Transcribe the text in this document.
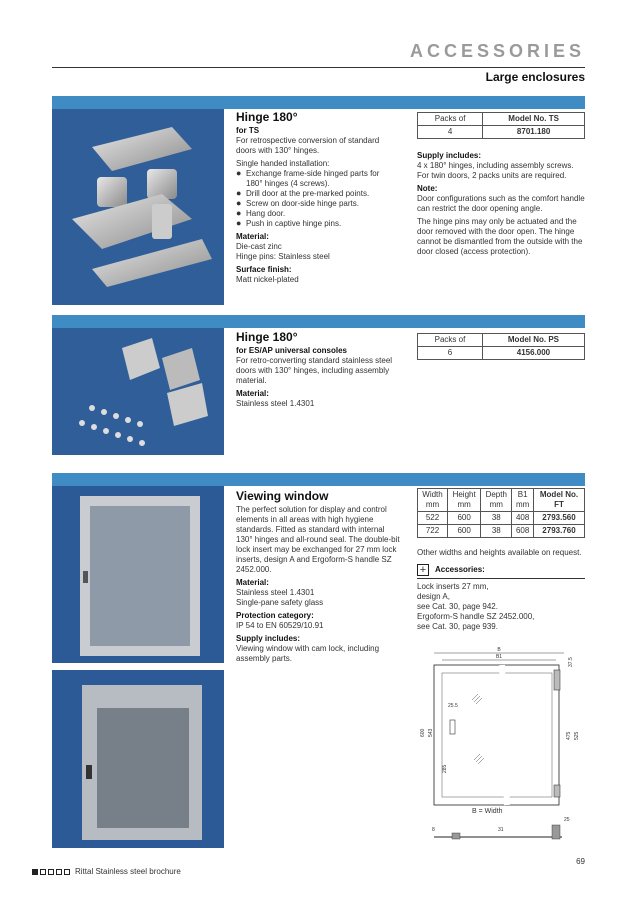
ACCESSORIES
Large enclosures
Hinge 180°
for TS

For retrospective conversion of standard doors with 130° hinges.

Single handed installation:
● Exchange frame-side hinged parts for 180° hinges (4 screws).
● Drill door at the pre-marked points.
● Screw on door-side hinge parts.
● Hang door.
● Push in captive hinge pins.
Material:
Die-cast zinc

Hinge pins: Stainless steel

Surface finish:
Matt nickel-plated
Packs of	Model No. TS
4	8701.180
Supply includes:

4 x 180° hinges, including assembly screws. For twin doors, 2 packs units are required.

Note:

Door configurations such as the comfort handle can restrict the door opening angle.

The hinge pins may only be actuated and the door removed with the door open. The hinge cannot be dismantled from the outside with the door closed (access protection).

Hinge 180°
for ES/AP universal consoles

For retro-converting standard stainless steel doors with 130° hinges, including assembly material.

Material:
Stainless steel 1.4301
Packs of	Model No. PS
6	4156.000
Viewing window

The perfect solution for display and control elements in all areas with high hygiene standards. Fitted as standard with internal 130° hinges and all-round seal. The double-bit lock insert may be exchanged for 27 mm lock inserts, design A and Ergoform-S handle SZ 2452.000.

Material:
Stainless steel 1.4301

Single-pane safety glass

Protection category:

IP 54 to EN 60529/10.91

Supply includes:
Viewing window with cam lock, including assembly parts.
Width
mm	Height
mm	Depth
mm	B1
mm	Model No.
FT
522	600	38	408	2793.560
722	600	38	608	2793.760

Other widths and heights available on request.

+	Accessories:
Lock inserts 27 mm,
design A,
see Cat. 30, page 942.
Ergoform-S handle SZ 2452.000,
see Cat. 30, page 939.
B
B1
25.5
600 543
285
475 525
37.5
B = Width
25
8	31
69
Rittal Stainless steel brochure
